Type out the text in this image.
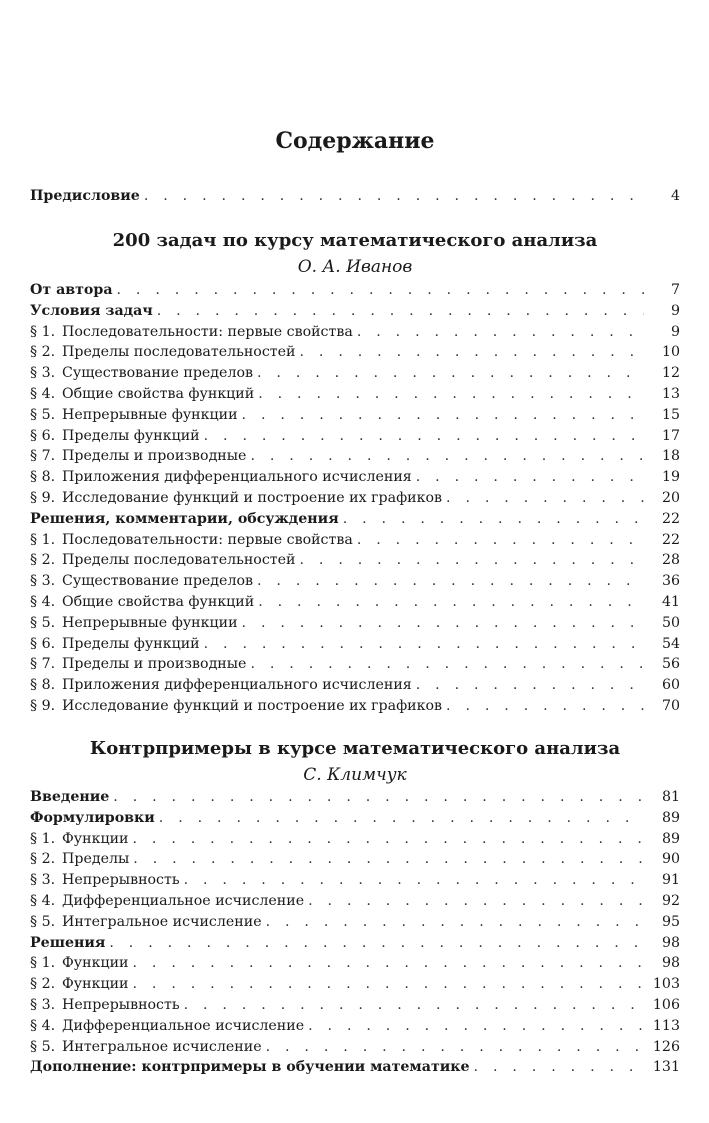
Содержание
Предисловие . . .	4
200 задач по курсу математического анализа
О. А. Иванов
От автора . . .	7
Условия задач . . .	9
§ 1. Последовательности: первые свойства . . .	9
§ 2. Пределы последовательностей . . .	10
§ 3. Существование пределов . . .	12
§ 4. Общие свойства функций . . .	13
§ 5. Непрерывные функции . . .	15
§ 6. Пределы функций . . .	17
§ 7. Пределы и производные . . .	18
§ 8. Приложения дифференциального исчисления . . .	19
§ 9. Исследование функций и построение их графиков . . .	20
Решения, комментарии, обсуждения . . .	22
§ 1. Последовательности: первые свойства . . .	22
§ 2. Пределы последовательностей . . .	28
§ 3. Существование пределов . . .	36
§ 4. Общие свойства функций . . .	41
§ 5. Непрерывные функции . . .	50
§ 6. Пределы функций . . .	54
§ 7. Пределы и производные . . .	56
§ 8. Приложения дифференциального исчисления . . .	60
§ 9. Исследование функций и построение их графиков . . .	70
Контрпримеры в курсе математического анализа
С. Климчук
Введение . . .	81
Формулировки . . .	89
§ 1. Функции . . .	89
§ 2. Пределы . . .	90
§ 3. Непрерывность . . .	91
§ 4. Дифференциальное исчисление . . .	92
§ 5. Интегральное исчисление . . .	95
Решения . . .	98
§ 1. Функции . . .	98
§ 2. Функции . . .	103
§ 3. Непрерывность . . .	106
§ 4. Дифференциальное исчисление . . .	113
§ 5. Интегральное исчисление . . .	126
Дополнение: контрпримеры в обучении математике . . .	131
